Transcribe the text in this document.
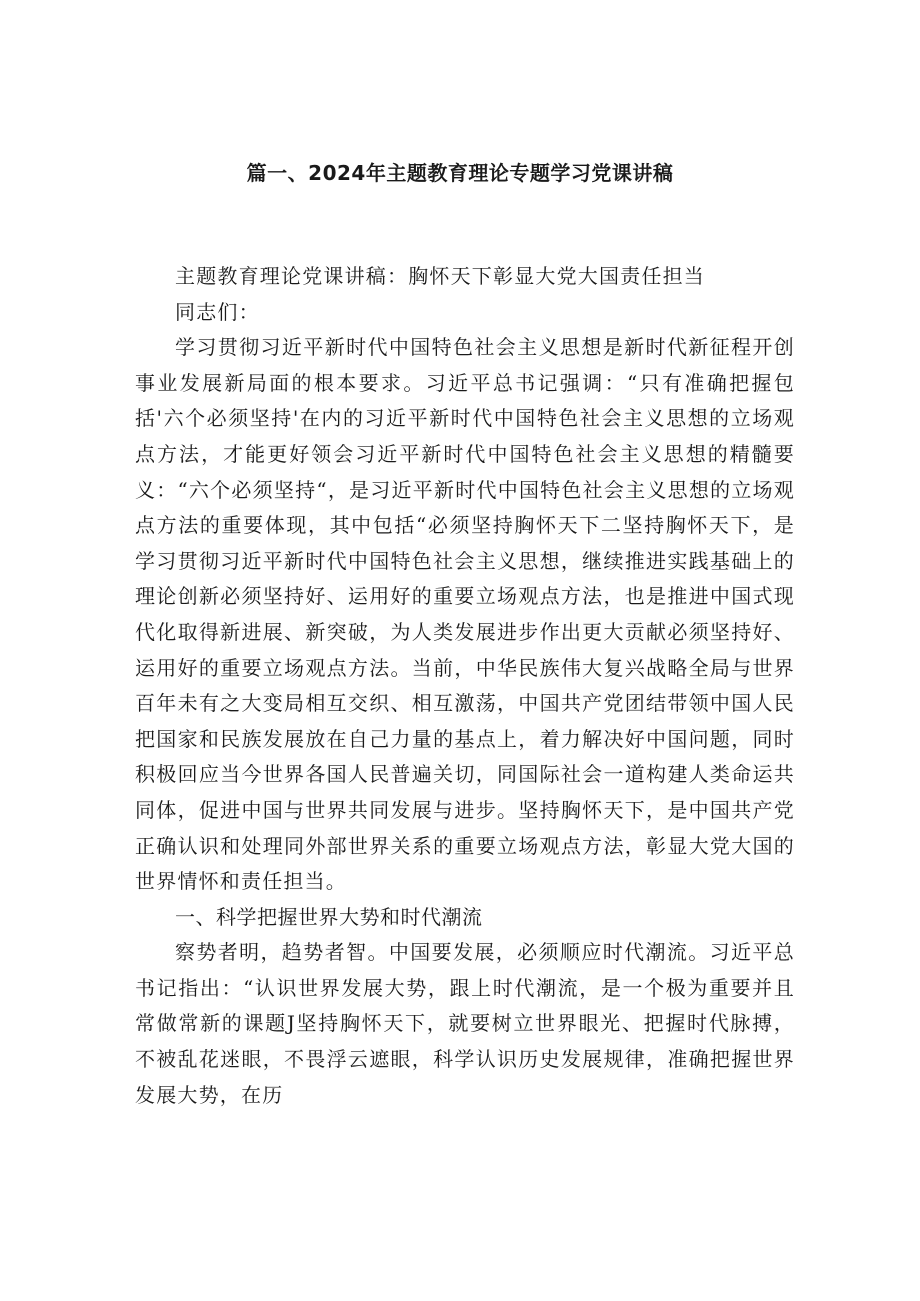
篇一、2024年主题教育理论专题学习党课讲稿

主题教育理论党课讲稿：胸怀天下彰显大党大国责任担当

同志们：

学习贯彻习近平新时代中国特色社会主义思想是新时代新征程开创事业发展新局面的根本要求。习近平总书记强调：“只有准确把握包括'六个必须坚持'在内的习近平新时代中国特色社会主义思想的立场观点方法，才能更好领会习近平新时代中国特色社会主义思想的精髓要义：“六个必须坚持“，是习近平新时代中国特色社会主义思想的立场观点方法的重要体现，其中包括“必须坚持胸怀天下二坚持胸怀天下，是学习贯彻习近平新时代中国特色社会主义思想，继续推进实践基础上的理论创新必须坚持好、运用好的重要立场观点方法，也是推进中国式现代化取得新进展、新突破，为人类发展进步作出更大贡献必须坚持好、运用好的重要立场观点方法。当前，中华民族伟大复兴战略全局与世界百年未有之大变局相互交织、相互激荡，中国共产党团结带领中国人民把国家和民族发展放在自己力量的基点上，着力解决好中国问题，同时积极回应当今世界各国人民普遍关切，同国际社会一道构建人类命运共同体，促进中国与世界共同发展与进步。坚持胸怀天下，是中国共产党正确认识和处理同外部世界关系的重要立场观点方法，彰显大党大国的世界情怀和责任担当。

一、科学把握世界大势和时代潮流

察势者明，趋势者智。中国要发展，必须顺应时代潮流。习近平总书记指出：“认识世界发展大势，跟上时代潮流，是一个极为重要并且常做常新的课题J坚持胸怀天下，就要树立世界眼光、把握时代脉搏，不被乱花迷眼，不畏浮云遮眼，科学认识历史发展规律，准确把握世界发展大势，在历
